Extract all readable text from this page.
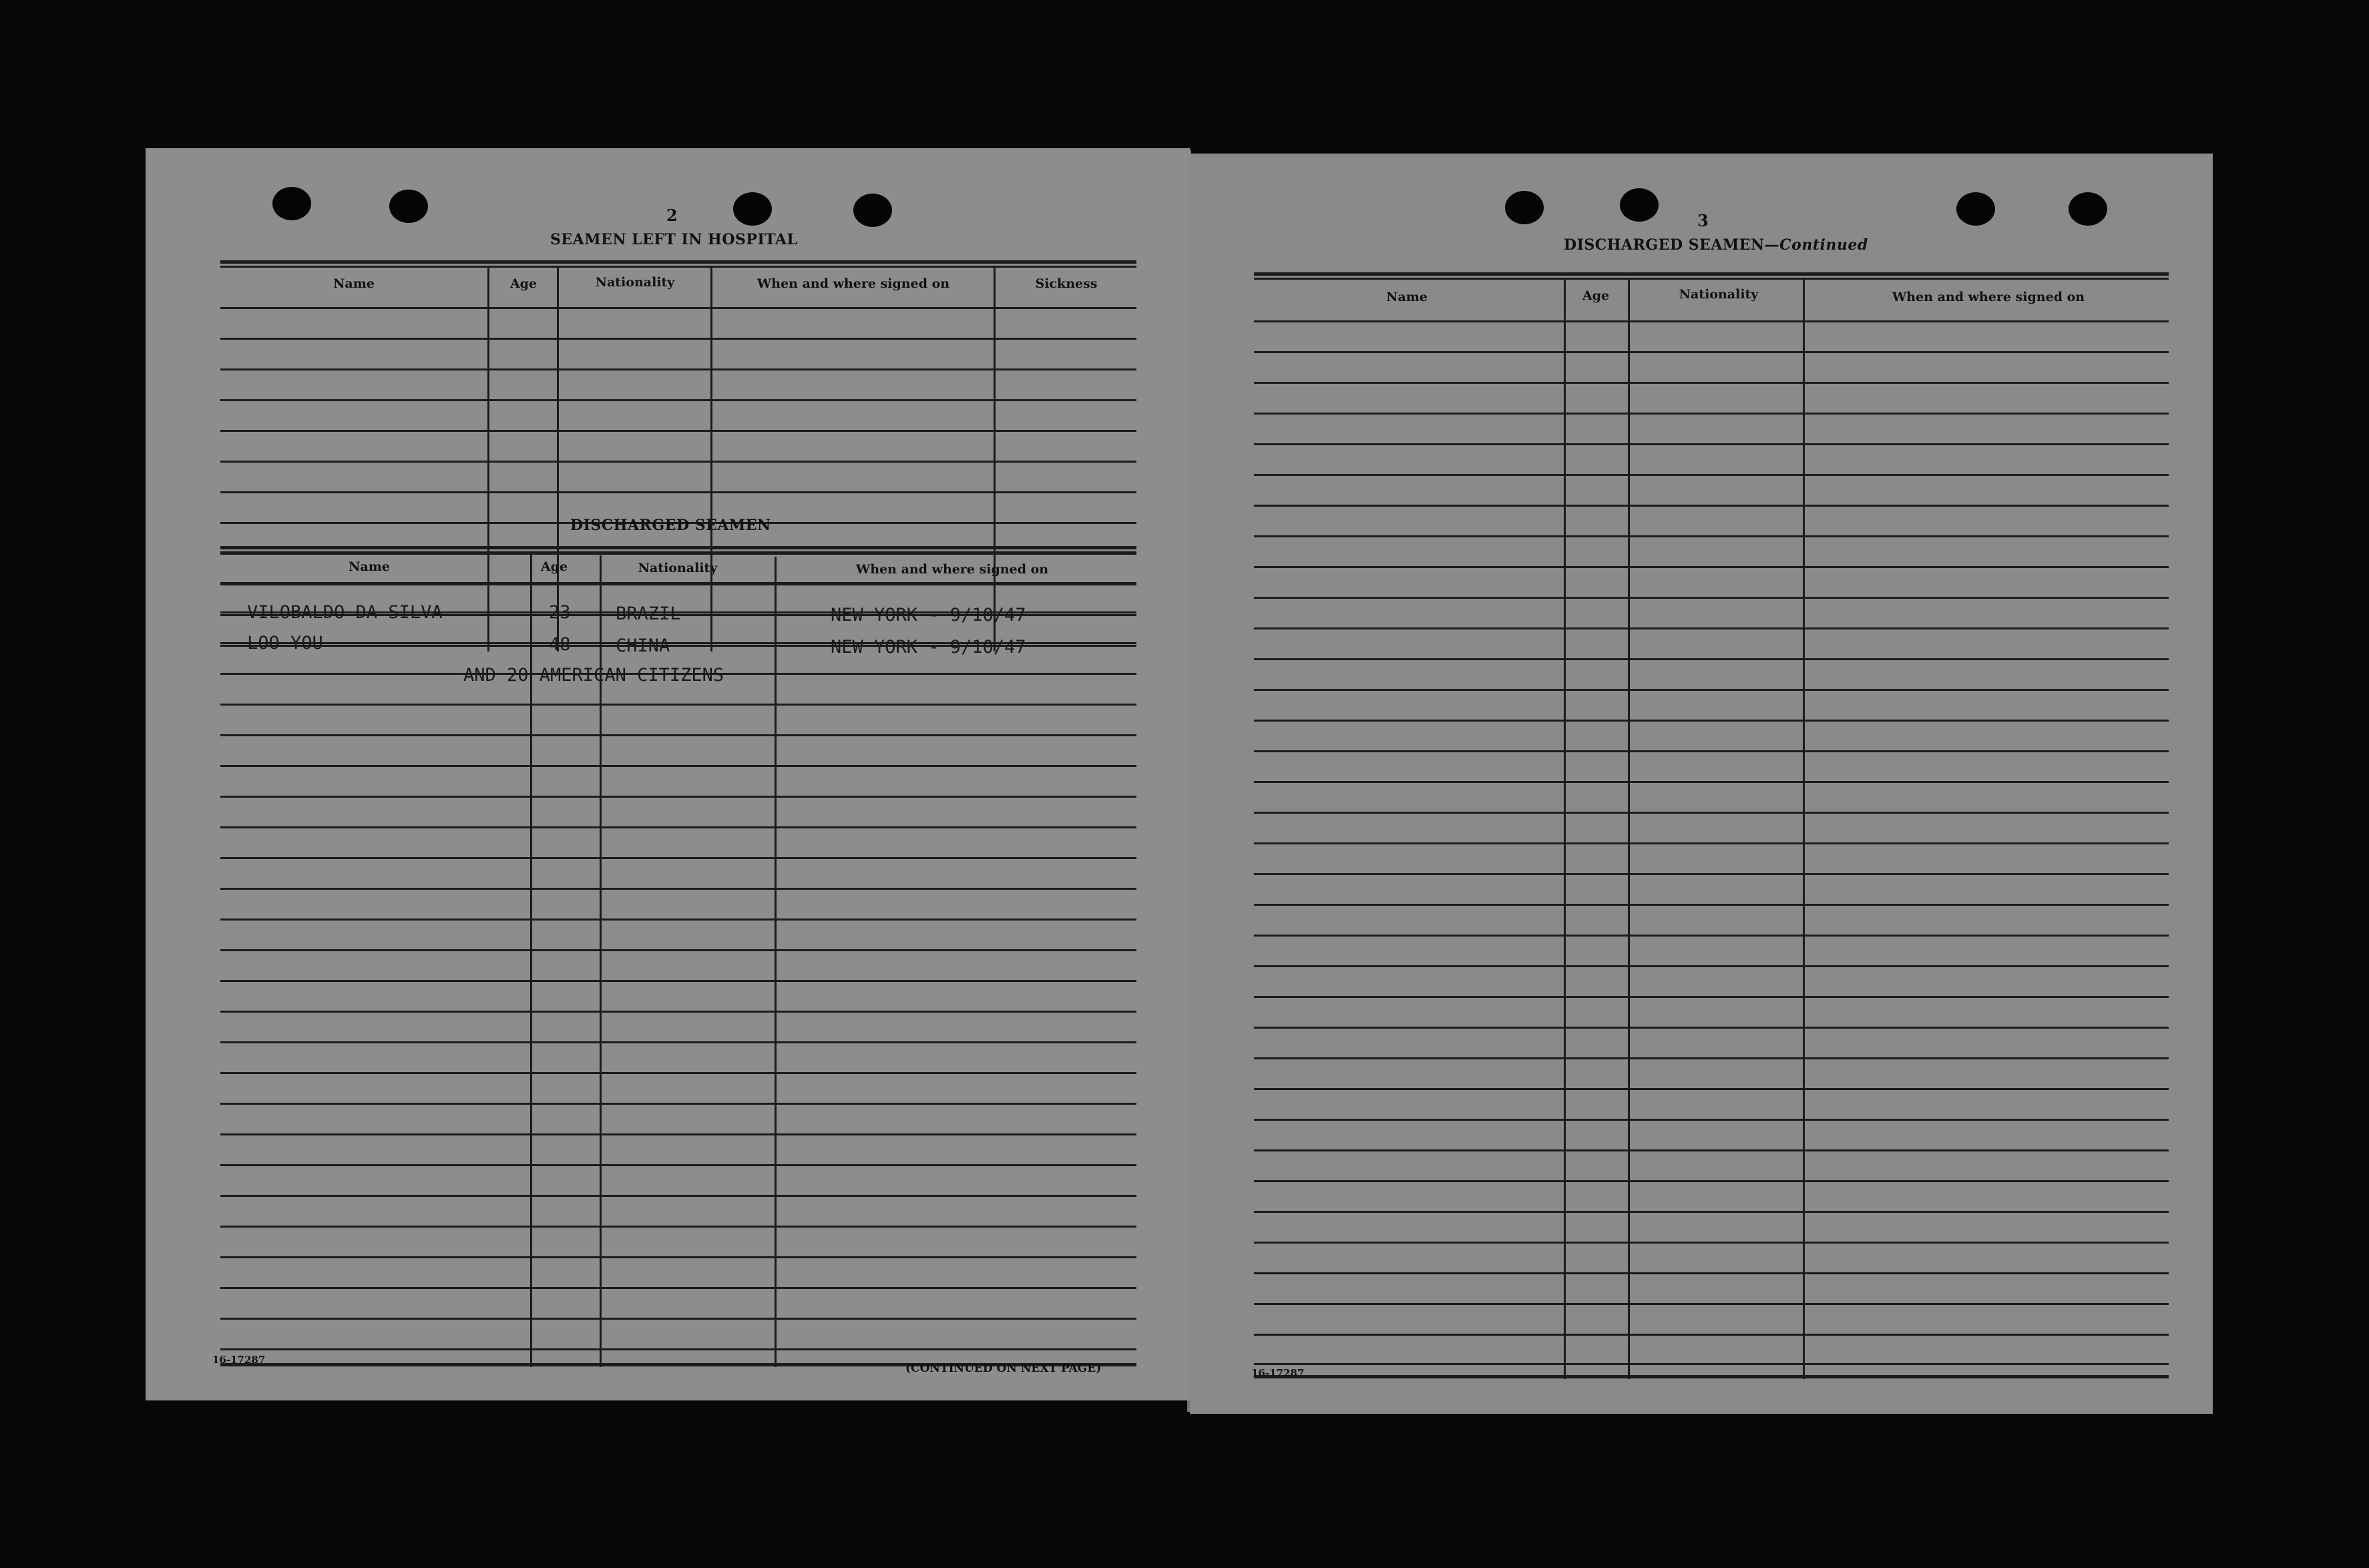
2
SEAMEN LEFT IN HOSPITAL
Name	Age	Nationality	When and where signed on	Sickness
DISCHARGED SEAMEN
Name	Age	Nationality	When and where signed on
VILOBALDO DA SILVA	23 BRAZIL	NEW YORK - 9/10/47
LOO YOU	48 CHINA	NEW YORK - 9/10/47
AND 20 AMERICAN CITIZENS
16-17287
(CONTINUED ON NEXT PAGE)
3
DISCHARGED SEAMEN—Continued
Name	Age	Nationality	When and where signed on
16-17287
